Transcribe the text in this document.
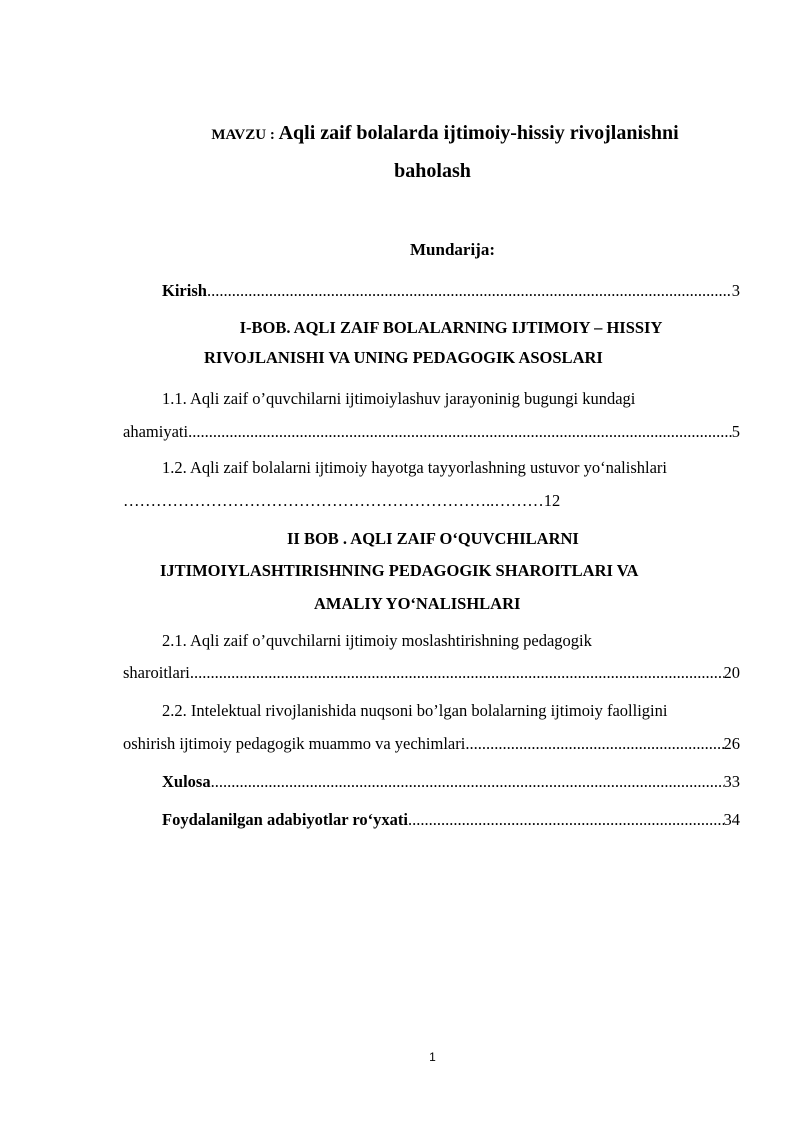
MAVZU : Aqli zaif bolalarda ijtimoiy-hissiy rivojlanishni
baholash
Mundarija:
Kirish .....	3
I-BOB. AQLI ZAIF BOLALARNING IJTIMOIY – HISSIY
RIVOJLANISHI VA UNING PEDAGOGIK ASOSLARI
1.1. Aqli zaif o’quvchilarni ijtimoiylashuv jarayoninig bugungi kundagi
ahamiyati .....	5
1.2. Aqli zaif bolalarni ijtimoiy hayotga tayyorlashning ustuvor yo‘nalishlari
…………………………………………………………..………12
II BOB . AQLI ZAIF O‘QUVCHILARNI
IJTIMOIYLASHTIRISHNING PEDAGOGIK SHAROITLARI VA
AMALIY YO‘NALISHLARI
2.1. Aqli zaif o’quvchilarni ijtimoiy moslashtirishning pedagogik
sharoitlari .....	20
2.2. Intelektual rivojlanishida nuqsoni bo’lgan bolalarning ijtimoiy faolligini
oshirish ijtimoiy pedagogik muammo va yechimlari .....	26
Xulosa .....	33
Foydalanilgan adabiyotlar ro‘yxati .....	34
1
